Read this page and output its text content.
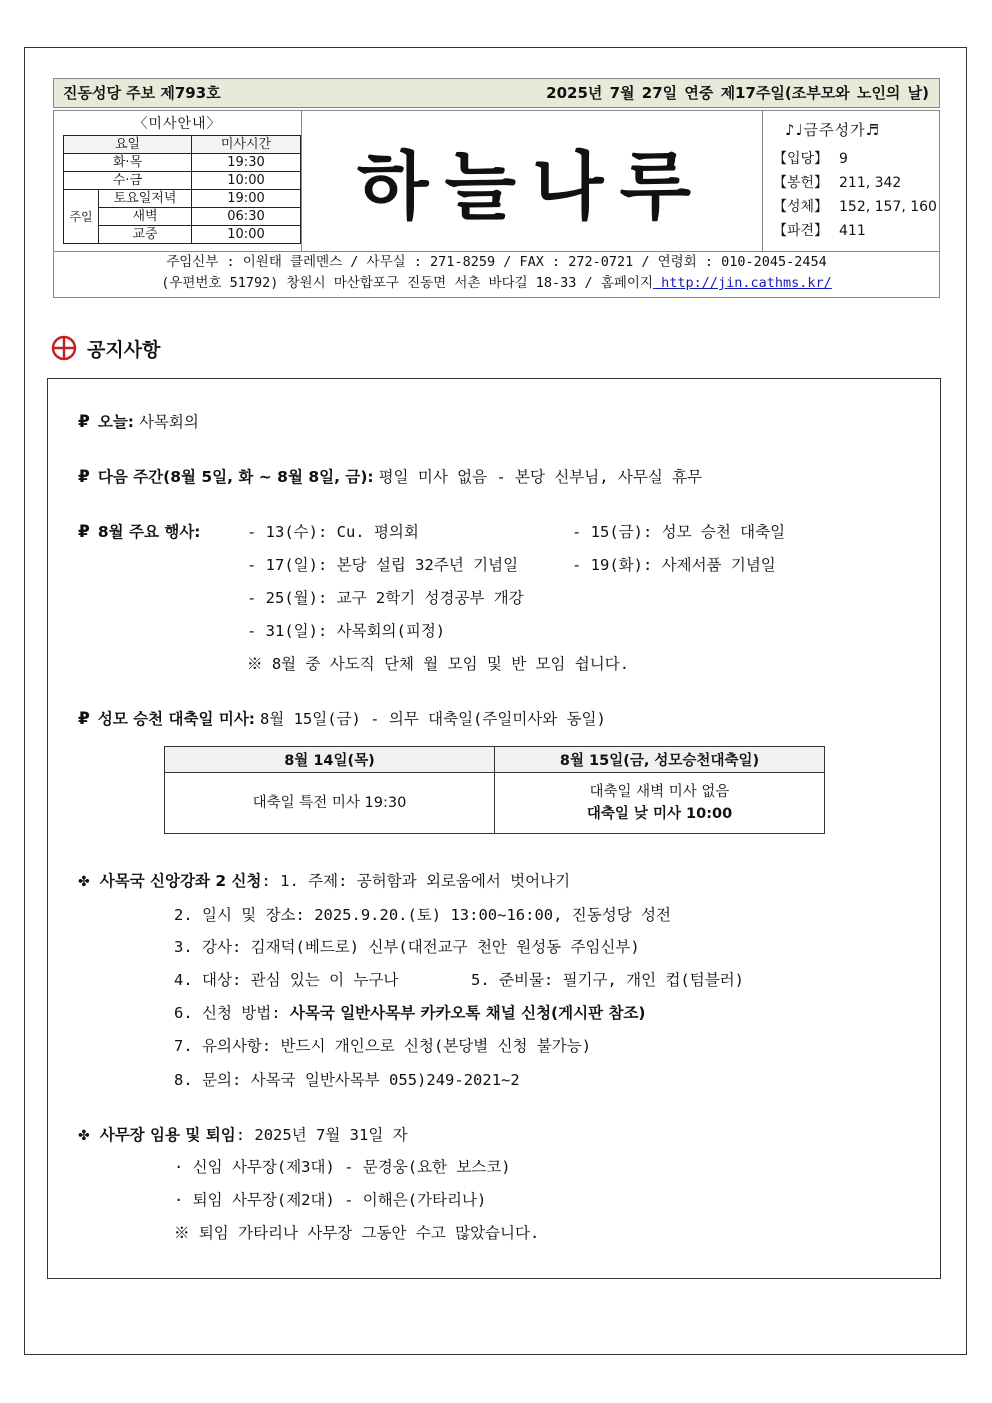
진동성당 주보 제793호	2025년 7월 27일 연중 제17주일(조부모와 노인의 날)
〈미사안내〉
요일		미사시간
화·목		19:30
수·금		10:00
주일	토요일저녁	19:00
	새벽	06:30
	교중	10:00
하늘나루
♪♩금주성가♬
【입당】 9
【봉헌】 211, 342
【성체】 152, 157, 160
【파견】 411
주임신부 : 이원태 클레멘스 / 사무실 : 271-8259 / FAX : 272-0721 / 연령회 : 010-2045-2454
(우편번호 51792) 창원시 마산합포구 진동면 서촌 바다길 18-33 / 홈페이지 http://jin.cathms.kr/
공지사항
₽ 오늘: 사목회의
₽ 다음 주간(8월 5일, 화 ~ 8월 8일, 금): 평일 미사 없음 - 본당 신부님, 사무실 휴무
₽ 8월 주요 행사:	- 13(수): Cu. 평의회	- 15(금): 성모 승천 대축일
- 17(일): 본당 설립 32주년 기념일	- 19(화): 사제서품 기념일
- 25(월): 교구 2학기 성경공부 개강
- 31(일): 사목회의(피정)
※ 8월 중 사도직 단체 월 모임 및 반 모임 쉽니다.
₽ 성모 승천 대축일 미사: 8월 15일(금) - 의무 대축일(주일미사와 동일)
8월 14일(목)	8월 15일(금, 성모승천대축일)
대축일 특전 미사 19:30	대축일 새벽 미사 없음
대축일 낮 미사 10:00
✤ 사목국 신앙강좌 2 신청: 1. 주제: 공허함과 외로움에서 벗어나기
2. 일시 및 장소: 2025.9.20.(토) 13:00~16:00, 진동성당 성전
3. 강사: 김재덕(베드로) 신부(대전교구 천안 원성동 주임신부)
4. 대상: 관심 있는 이 누구나	5. 준비물: 필기구, 개인 컵(텀블러)
6. 신청 방법: 사목국 일반사목부 카카오톡 채널 신청(게시판 참조)
7. 유의사항: 반드시 개인으로 신청(본당별 신청 불가능)
8. 문의: 사목국 일반사목부 055)249-2021~2
✤ 사무장 임용 및 퇴임: 2025년 7월 31일 자
· 신임 사무장(제3대) - 문경웅(요한 보스코)
· 퇴임 사무장(제2대) - 이해은(가타리나)
※ 퇴임 가타리나 사무장 그동안 수고 많았습니다.
